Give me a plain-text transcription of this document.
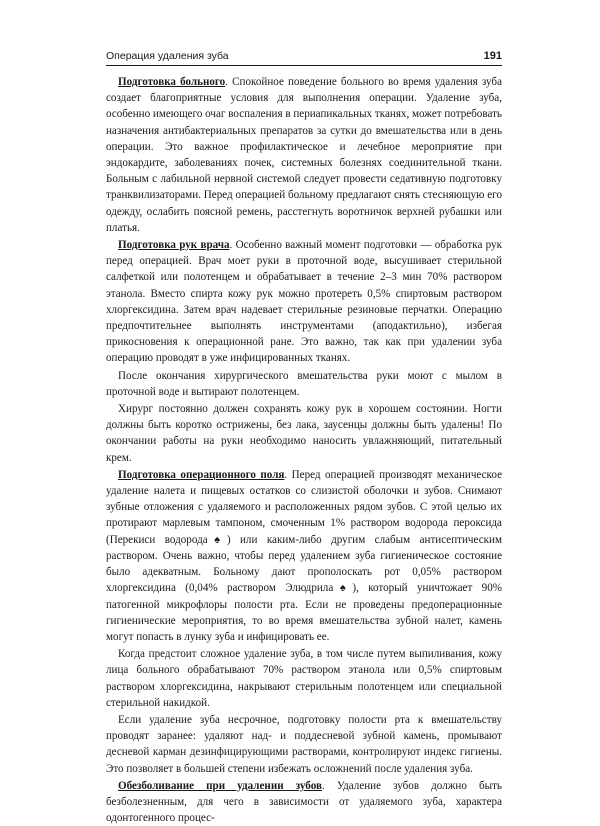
Операция удаления зуба	191

Подготовка больного. Спокойное поведение больного во время удаления зуба создает благоприятные условия для выполнения операции. Удаление зуба, особенно имеющего очаг воспаления в периапикальных тканях, может потребовать назначения антибактериальных препаратов за сутки до вмешательства или в день операции. Это важное профилактическое и лечебное мероприятие при эндокардите, заболеваниях почек, системных болезнях соединительной ткани. Больным с лабильной нервной системой следует провести седативную подготовку транквилизаторами. Перед операцией больному предлагают снять стесняющую его одежду, ослабить поясной ремень, расстегнуть воротничок верхней рубашки или платья.

Подготовка рук врача. Особенно важный момент подготовки — обработка рук перед операцией. Врач моет руки в проточной воде, высушивает стерильной салфеткой или полотенцем и обрабатывает в течение 2–3 мин 70% раствором этанола. Вместо спирта кожу рук можно протереть 0,5% спиртовым раствором хлоргексидина. Затем врач надевает стерильные резиновые перчатки. Операцию предпочтительнее выполнять инструментами (аподактильно), избегая прикосновения к операционной ране. Это важно, так как при удалении зуба операцию проводят в уже инфицированных тканях.

После окончания хирургического вмешательства руки моют с мылом в проточной воде и вытирают полотенцем.

Хирург постоянно должен сохранять кожу рук в хорошем состоянии. Ногти должны быть коротко острижены, без лака, заусенцы должны быть удалены! По окончании работы на руки необходимо наносить увлажняющий, питательный крем.

Подготовка операционного поля. Перед операцией производят механическое удаление налета и пищевых остатков со слизистой оболочки и зубов. Снимают зубные отложения с удаляемого и расположенных рядом зубов. С этой целью их протирают марлевым тампоном, смоченным 1% раствором водорода пероксида (Перекиси водорода♠) или каким-либо другим слабым антисептическим раствором. Очень важно, чтобы перед удалением зуба гигиеническое состояние было адекватным. Больному дают прополоскать рот 0,05% раствором хлоргексидина (0,04% раствором Элюдрила♠), который уничтожает 90% патогенной микрофлоры полости рта. Если не проведены предоперационные гигиенические мероприятия, то во время вмешательства зубной налет, камень могут попасть в лунку зуба и инфицировать ее.

Когда предстоит сложное удаление зуба, в том числе путем выпиливания, кожу лица больного обрабатывают 70% раствором этанола или 0,5% спиртовым раствором хлоргексидина, накрывают стерильным полотенцем или специальной стерильной накидкой.

Если удаление зуба несрочное, подготовку полости рта к вмешательству проводят заранее: удаляют над- и поддесневой зубной камень, промывают десневой карман дезинфицирующими растворами, контролируют индекс гигиены. Это позволяет в большей степени избежать осложнений после удаления зуба.

Обезболивание при удалении зубов. Удаление зубов должно быть безболезненным, для чего в зависимости от удаляемого зуба, характера одонтогенного процес-
